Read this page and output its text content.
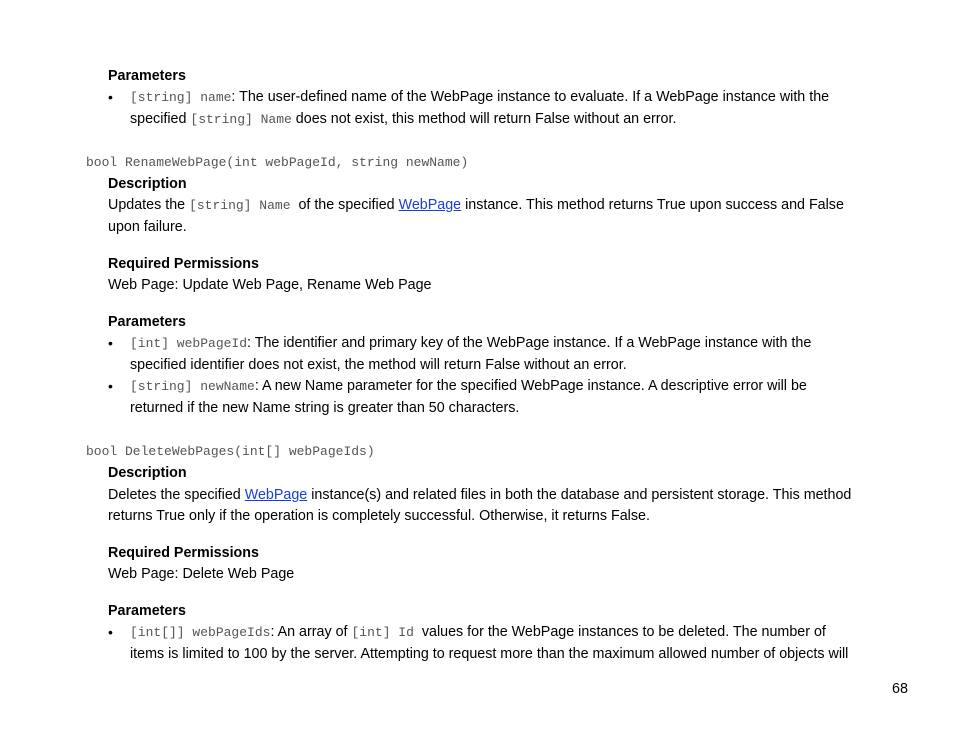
Parameters
• [string] name: The user-defined name of the WebPage instance to evaluate. If a WebPage instance with the
specified [string] Name does not exist, this method will return False without an error.
bool RenameWebPage(int webPageId, string newName)
Description
Updates the [string] Name  of the specified WebPage instance. This method returns True upon success and False
upon failure.
Required Permissions
Web Page: Update Web Page, Rename Web Page
Parameters
• [int] webPageId: The identifier and primary key of the WebPage instance. If a WebPage instance with the
specified identifier does not exist, the method will return False without an error.
• [string] newName: A new Name parameter for the specified WebPage instance. A descriptive error will be
returned if the new Name string is greater than 50 characters.
bool DeleteWebPages(int[] webPageIds)
Description
Deletes the specified WebPage instance(s) and related files in both the database and persistent storage. This method
returns True only if the operation is completely successful. Otherwise, it returns False.
Required Permissions
Web Page: Delete Web Page
Parameters
• [int[]] webPageIds: An array of [int] Id  values for the WebPage instances to be deleted. The number of
items is limited to 100 by the server. Attempting to request more than the maximum allowed number of objects will
68
